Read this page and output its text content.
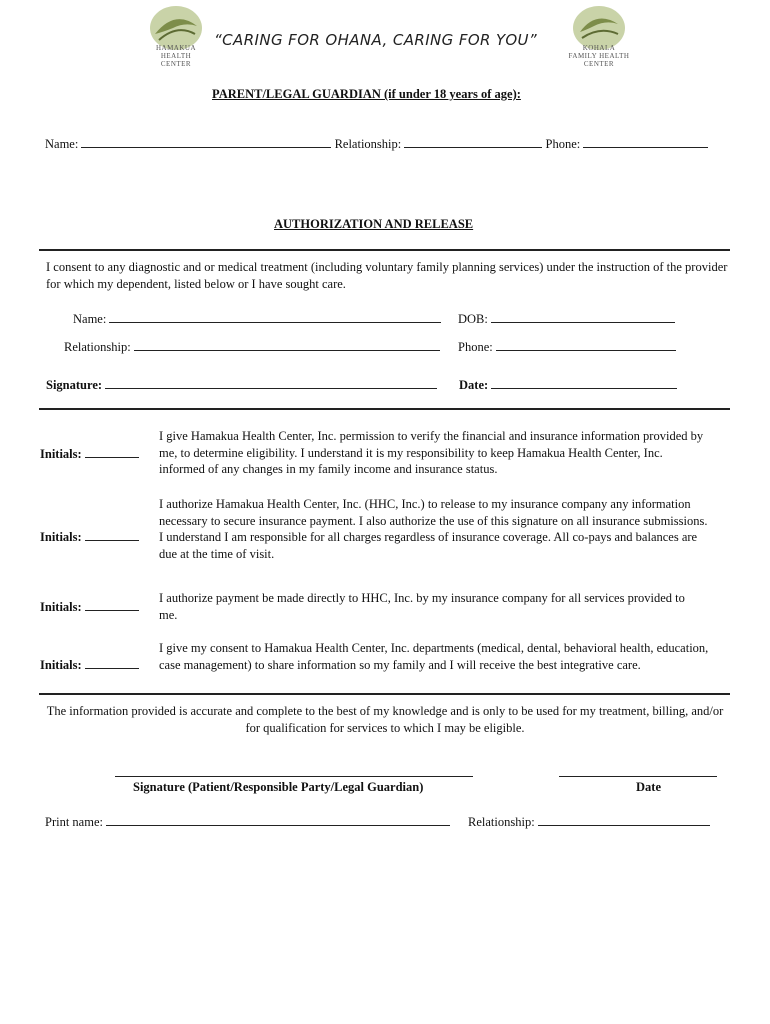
HAMAKUA HEALTH CENTER
“CARING FOR OHANA, CARING FOR YOU”	KOHALA FAMILY HEALTH CENTER
PARENT/LEGAL GUARDIAN (if under 18 years of age):
Name:	Relationship:	Phone:
AUTHORIZATION AND RELEASE
I consent to any diagnostic and or medical treatment (including voluntary family planning services) under the instruction of the provider for which my dependent, listed below or I have sought care.
Name:	DOB:
Relationship:	Phone:
Signature:	Date:
Initials:
I give Hamakua Health Center, Inc. permission to verify the financial and insurance information provided by me, to determine eligibility. I understand it is my responsibility to keep Hamakua Health Center, Inc. informed of any changes in my family income and insurance status.
Initials:
I authorize Hamakua Health Center, Inc. (HHC, Inc.) to release to my insurance company any information necessary to secure insurance payment. I also authorize the use of this signature on all insurance submissions. I understand I am responsible for all charges regardless of insurance coverage. All co-pays and balances are due at the time of visit.
Initials:
I authorize payment be made directly to HHC, Inc. by my insurance company for all services provided to me.
Initials:
I give my consent to Hamakua Health Center, Inc. departments (medical, dental, behavioral health, education, case management) to share information so my family and I will receive the best integrative care.
The information provided is accurate and complete to the best of my knowledge and is only to be used for my treatment, billing, and/or for qualification for services to which I may be eligible.
Signature (Patient/Responsible Party/Legal Guardian)	Date
Print name:	Relationship:
